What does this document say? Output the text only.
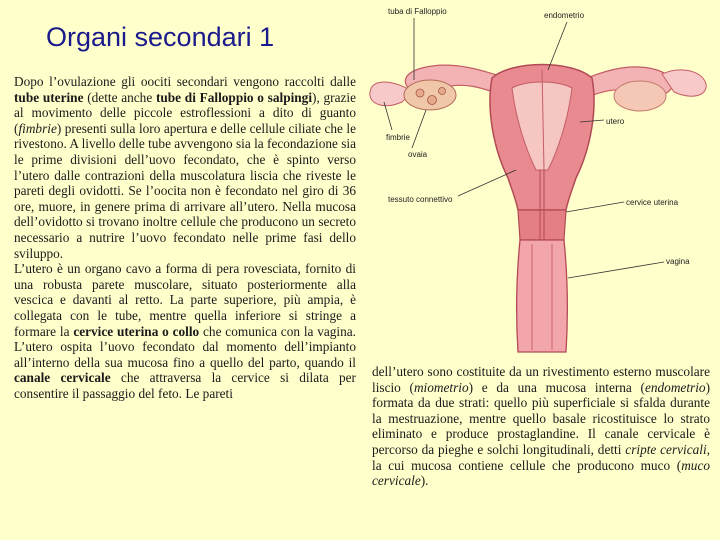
Organi secondari 1

Dopo l’ovulazione gli oociti secondari vengono raccolti dalle tube uterine (dette anche tube di Falloppio o salpingi), grazie al movimento delle piccole estroflessioni a dito di guanto (fimbrie) presenti sulla loro apertura e delle cellule ciliate che le rivestono. A livello delle tube avvengono sia la fecondazione sia le prime divisioni dell’uovo fecondato, che è spinto verso l’utero dalle contrazioni della muscolatura liscia che riveste le pareti degli ovidotti. Se l’oocita non è fecondato nel giro di 36 ore, muore, in genere prima di arrivare all’utero. Nella mucosa dell’ovidotto si trovano inoltre cellule che producono un secreto necessario a nutrire l’uovo fecondato nelle prime fasi dello sviluppo.
L’utero è un organo cavo a forma di pera rovesciata, fornito di una robusta parete muscolare, situato posteriormente alla vescica e davanti al retto. La parte superiore, più ampia, è collegata con le tube, mentre quella inferiore si stringe a formare la cervice uterina o collo che comunica con la vagina. L’utero ospita l’uovo fecondato dal momento dell’impianto all’interno della sua mucosa fino a quello del parto, quando il canale cervicale che attraversa la cervice si dilata per consentire il passaggio del feto. Le pareti

tuba di Falloppio	endometrio
fimbrie
ovaia
utero
tessuto connettivo	cervice uterina
vagina

dell’utero sono costituite da un rivestimento esterno muscolare liscio (miometrio) e da una mucosa interna (endometrio) formata da due strati: quello più superficiale si sfalda durante la mestruazione, mentre quello basale ricostituisce lo strato eliminato e produce prostaglandine. Il canale cervicale è percorso da pieghe e solchi longitudinali, detti cripte cervicali, la cui mucosa contiene cellule che producono muco (muco cervicale).
